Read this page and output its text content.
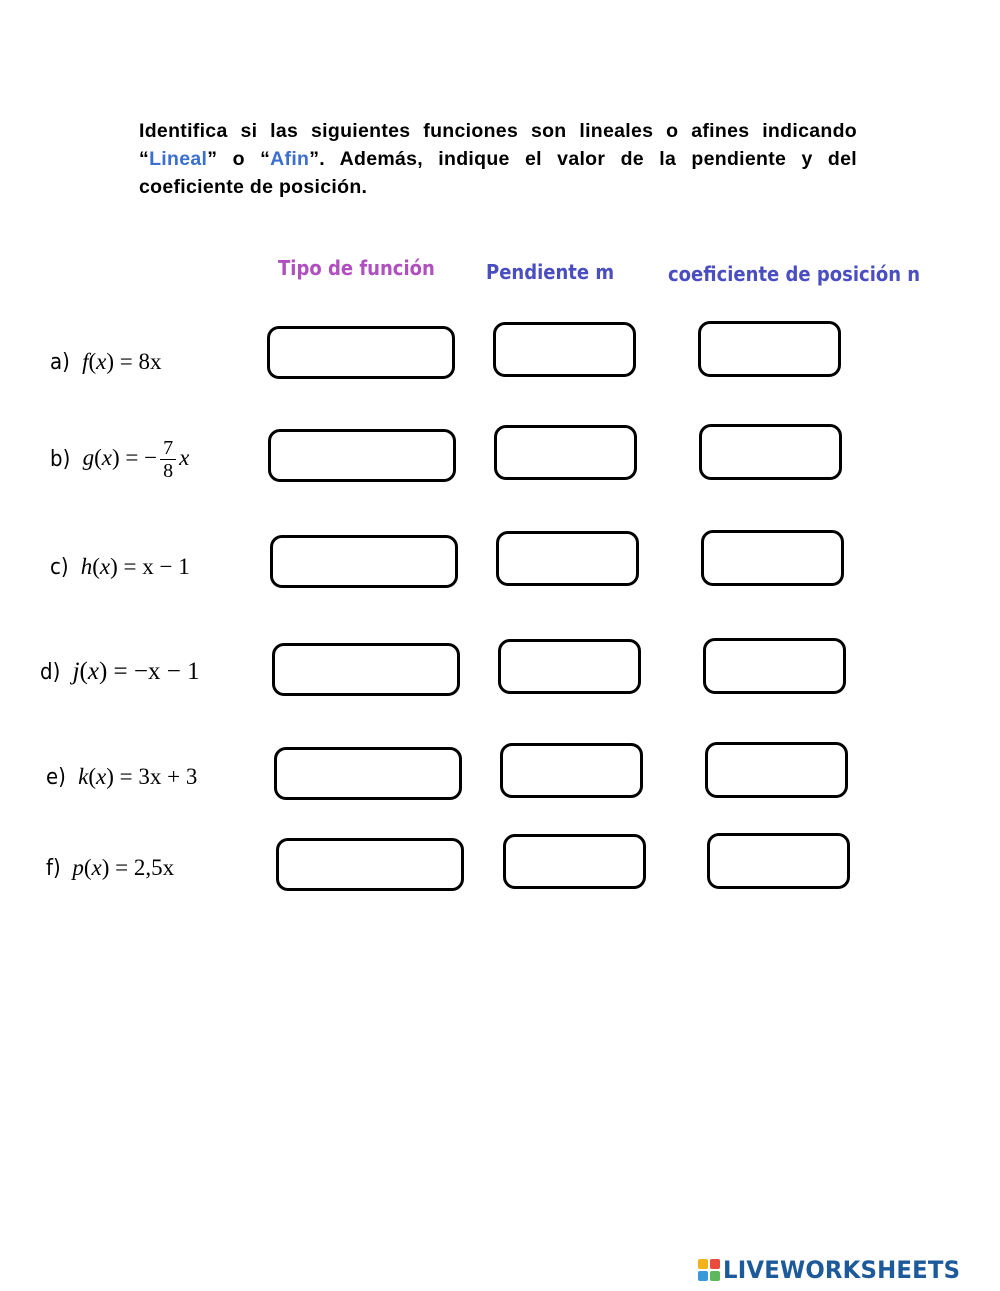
Identifica si las siguientes funciones son lineales o afines indicando “Lineal” o “Afin”. Además, indique el valor de la pendiente y del coeficiente de posición.
Tipo de función	Pendiente m	coeficiente de posición n
a) f(x) = 8x
b) g(x) = − $\frac{7}{8}$ x
c) h(x) = x − 1
d) j(x) = −x − 1
e) k(x) = 3x + 3
f) p(x) = 2,5x
LIVEWORKSHEETS
